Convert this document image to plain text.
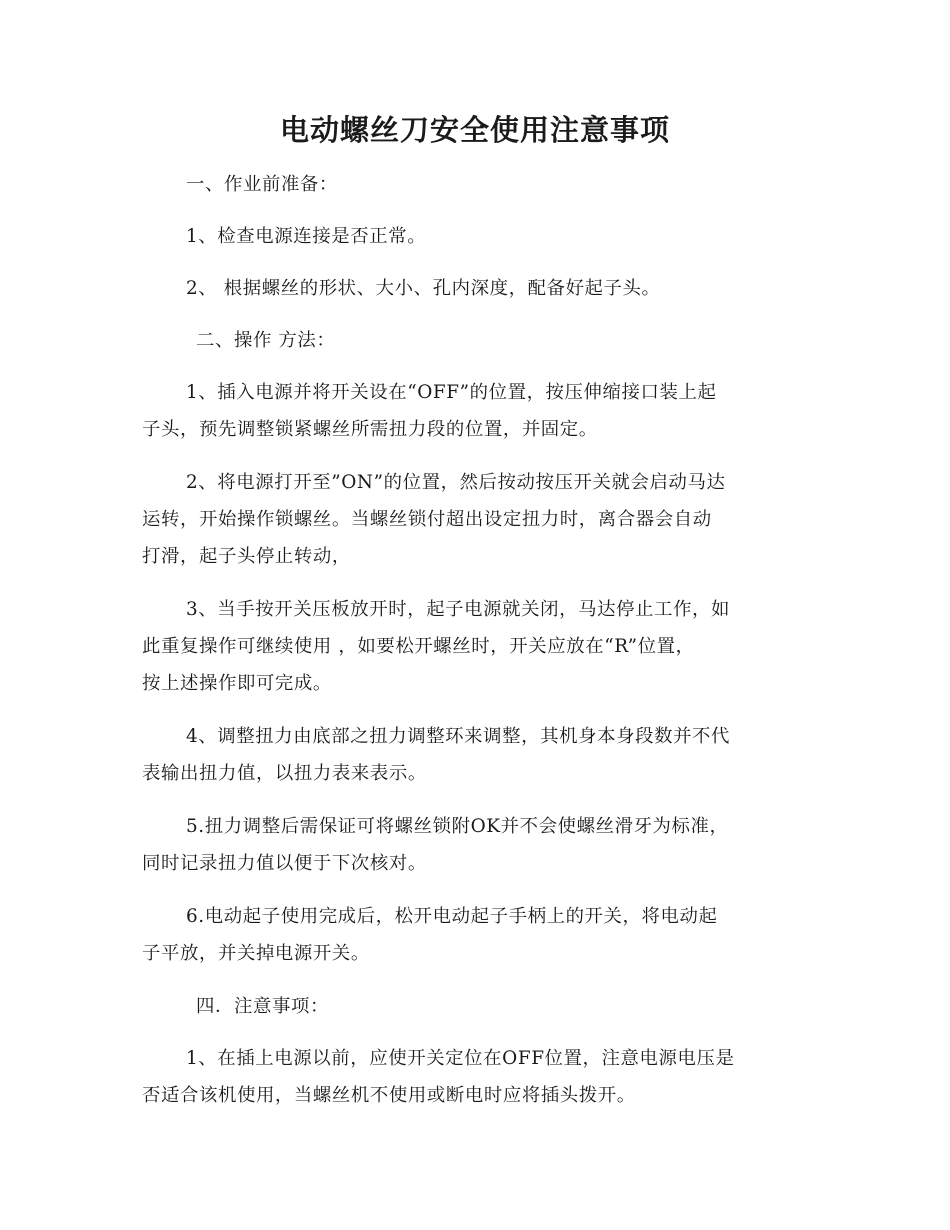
电动螺丝刀安全使用注意事项

一、作业前准备：

1、检查电源连接是否正常。

2、 根据螺丝的形状、大小、孔内深度，配备好起子头。

二、操作 方法：

1、插入电源并将开关设在“OFF”的位置，按压伸缩接口装上起
子头，预先调整锁紧螺丝所需扭力段的位置，并固定。

2、将电源打开至”ON”的位置，然后按动按压开关就会启动马达
运转，开始操作锁螺丝。当螺丝锁付超出设定扭力时，离合器会自动
打滑，起子头停止转动，

3、当手按开关压板放开时，起子电源就关闭，马达停止工作，如
此重复操作可继续使用 ，如要松开螺丝时，开关应放在“R”位置，
按上述操作即可完成。

4、调整扭力由底部之扭力调整环来调整，其机身本身段数并不代
表输出扭力值，以扭力表来表示。

5.扭力调整后需保证可将螺丝锁附OK并不会使螺丝滑牙为标准，
同时记录扭力值以便于下次核对。

6.电动起子使用完成后，松开电动起子手柄上的开关，将电动起
子平放，并关掉电源开关。

四．注意事项：

1、在插上电源以前，应使开关定位在OFF位置，注意电源电压是
否适合该机使用，当螺丝机不使用或断电时应将插头拨开。
